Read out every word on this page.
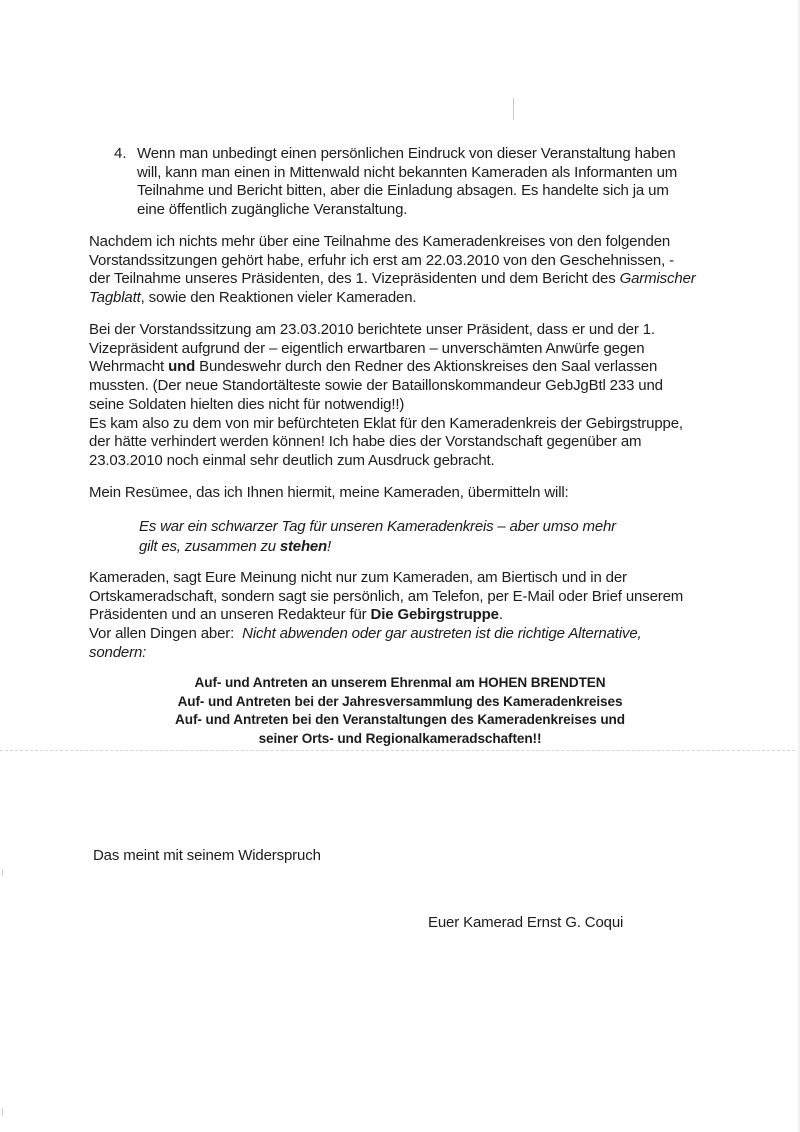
4. Wenn man unbedingt einen persönlichen Eindruck von dieser Veranstaltung haben
will, kann man einen in Mittenwald nicht bekannten Kameraden als Informanten um
Teilnahme und Bericht bitten, aber die Einladung absagen. Es handelte sich ja um
eine öffentlich zugängliche Veranstaltung.
Nachdem ich nichts mehr über eine Teilnahme des Kameradenkreises von den folgenden
Vorstandssitzungen gehört habe, erfuhr ich erst am 22.03.2010 von den Geschehnissen, -
der Teilnahme unseres Präsidenten, des 1. Vizepräsidenten und dem Bericht des Garmischer
Tagblatt, sowie den Reaktionen vieler Kameraden.
Bei der Vorstandssitzung am 23.03.2010 berichtete unser Präsident, dass er und der 1.
Vizepräsident aufgrund der – eigentlich erwartbaren – unverschämten Anwürfe gegen
Wehrmacht und Bundeswehr durch den Redner des Aktionskreises den Saal verlassen
mussten. (Der neue Standortälteste sowie der Bataillonskommandeur GebJgBtl 233 und
seine Soldaten hielten dies nicht für notwendig!!)
Es kam also zu dem von mir befürchteten Eklat für den Kameradenkreis der Gebirgstruppe,
der hätte verhindert werden können! Ich habe dies der Vorstandschaft gegenüber am
23.03.2010 noch einmal sehr deutlich zum Ausdruck gebracht.
Mein Resümee, das ich Ihnen hiermit, meine Kameraden, übermitteln will:
Es war ein schwarzer Tag für unseren Kameradenkreis – aber umso mehr
gilt es, zusammen zu stehen!
Kameraden, sagt Eure Meinung nicht nur zum Kameraden, am Biertisch und in der
Ortskameradschaft, sondern sagt sie persönlich, am Telefon, per E-Mail oder Brief unserem
Präsidenten und an unseren Redakteur für Die Gebirgstruppe.
Vor allen Dingen aber:  Nicht abwenden oder gar austreten ist die richtige Alternative,
sondern:
Auf- und Antreten an unserem Ehrenmal am HOHEN BRENDTEN
Auf- und Antreten bei der Jahresversammlung des Kameradenkreises
Auf- und Antreten bei den Veranstaltungen des Kameradenkreises und
seiner Orts- und Regionalkameradschaften!!
Das meint mit seinem Widerspruch
Euer Kamerad Ernst G. Coqui
